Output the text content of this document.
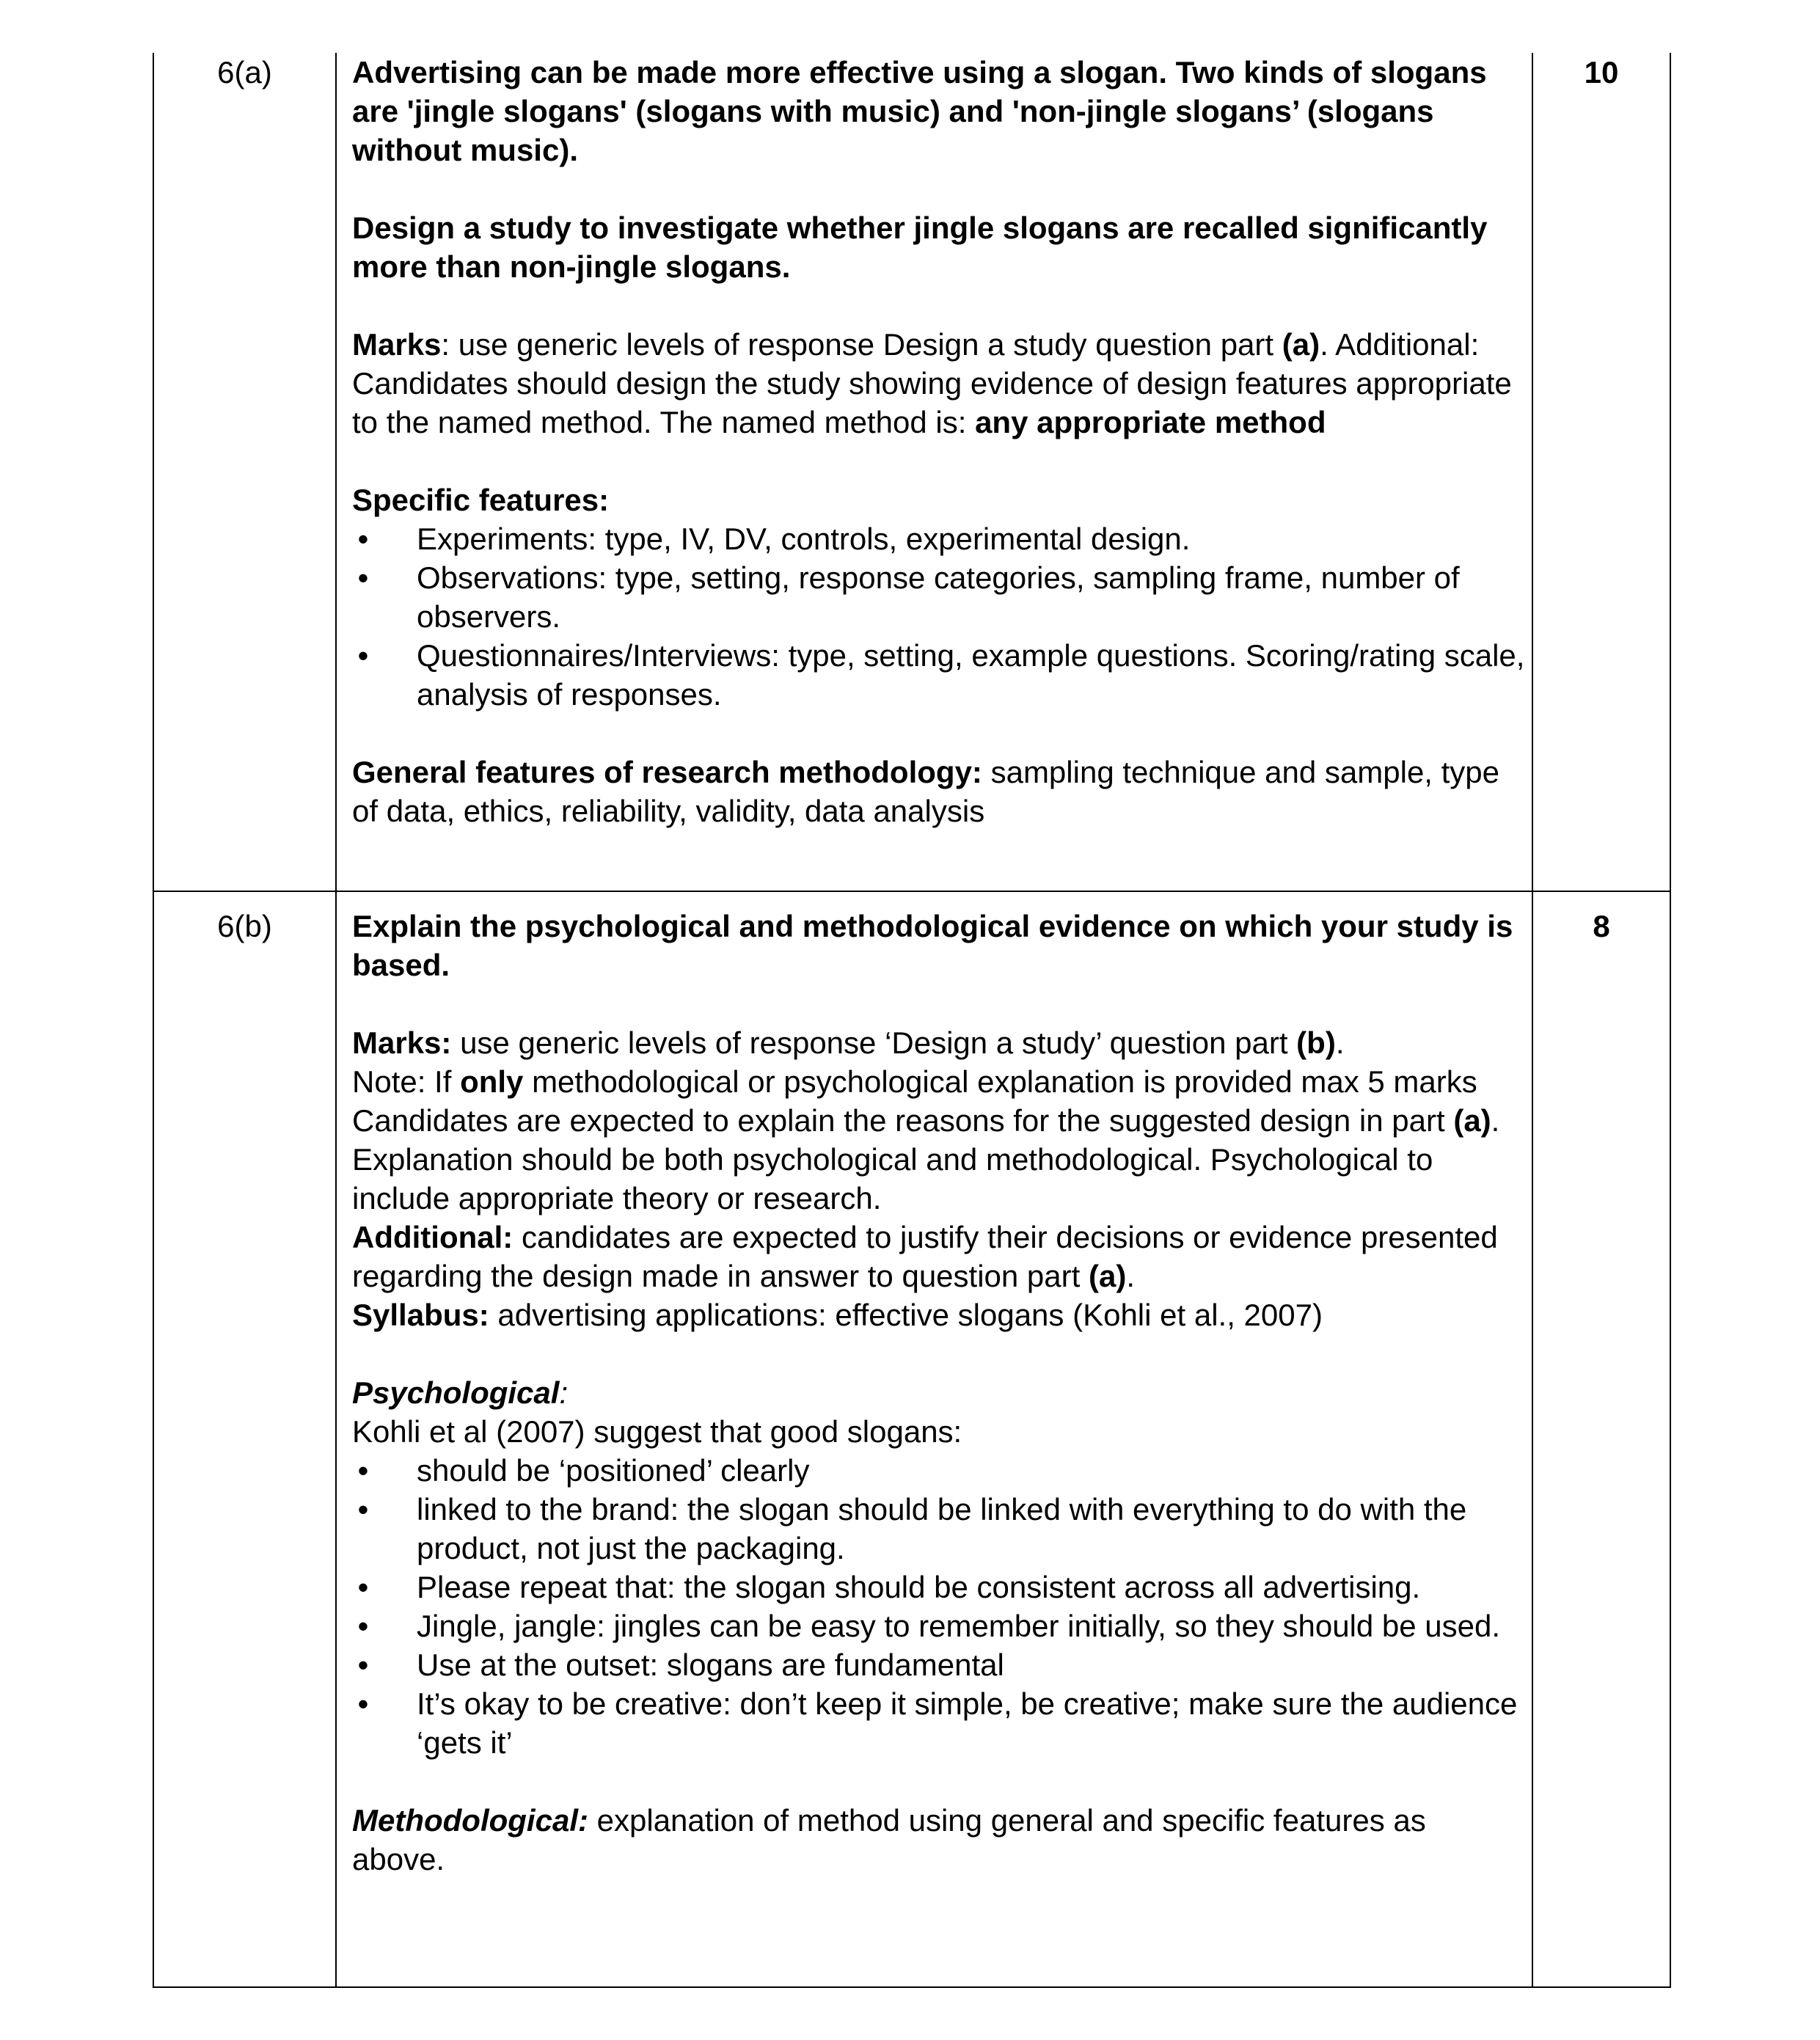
6(a)	10

Advertising can be made more effective using a slogan. Two kinds of slogans are 'jingle slogans' (slogans with music) and 'non-jingle slogans’ (slogans without music).

Design a study to investigate whether jingle slogans are recalled significantly more than non-jingle slogans.

Marks: use generic levels of response Design a study question part (a). Additional: Candidates should design the study showing evidence of design features appropriate to the named method. The named method is: any appropriate method

Specific features:

• Experiments: type, IV, DV, controls, experimental design.
• Observations: type, setting, response categories, sampling frame, number of observers.
• Questionnaires/Interviews: type, setting, example questions. Scoring/rating scale, analysis of responses.

General features of research methodology: sampling technique and sample, type of data, ethics, reliability, validity, data analysis

6(b)	8

Explain the psychological and methodological evidence on which your study is based.

Marks: use generic levels of response ‘Design a study’ question part (b).

Note: If only methodological or psychological explanation is provided max 5 marks

Candidates are expected to explain the reasons for the suggested design in part (a). Explanation should be both psychological and methodological. Psychological to include appropriate theory or research.

Additional: candidates are expected to justify their decisions or evidence presented regarding the design made in answer to question part (a).

Syllabus: advertising applications: effective slogans (Kohli et al., 2007)

Psychological:

Kohli et al (2007) suggest that good slogans:

• should be ‘positioned’ clearly
• linked to the brand: the slogan should be linked with everything to do with the product, not just the packaging.
• Please repeat that: the slogan should be consistent across all advertising.
• Jingle, jangle: jingles can be easy to remember initially, so they should be used.
• Use at the outset: slogans are fundamental
• It’s okay to be creative: don’t keep it simple, be creative; make sure the audience ‘gets it’

Methodological: explanation of method using general and specific features as above.
